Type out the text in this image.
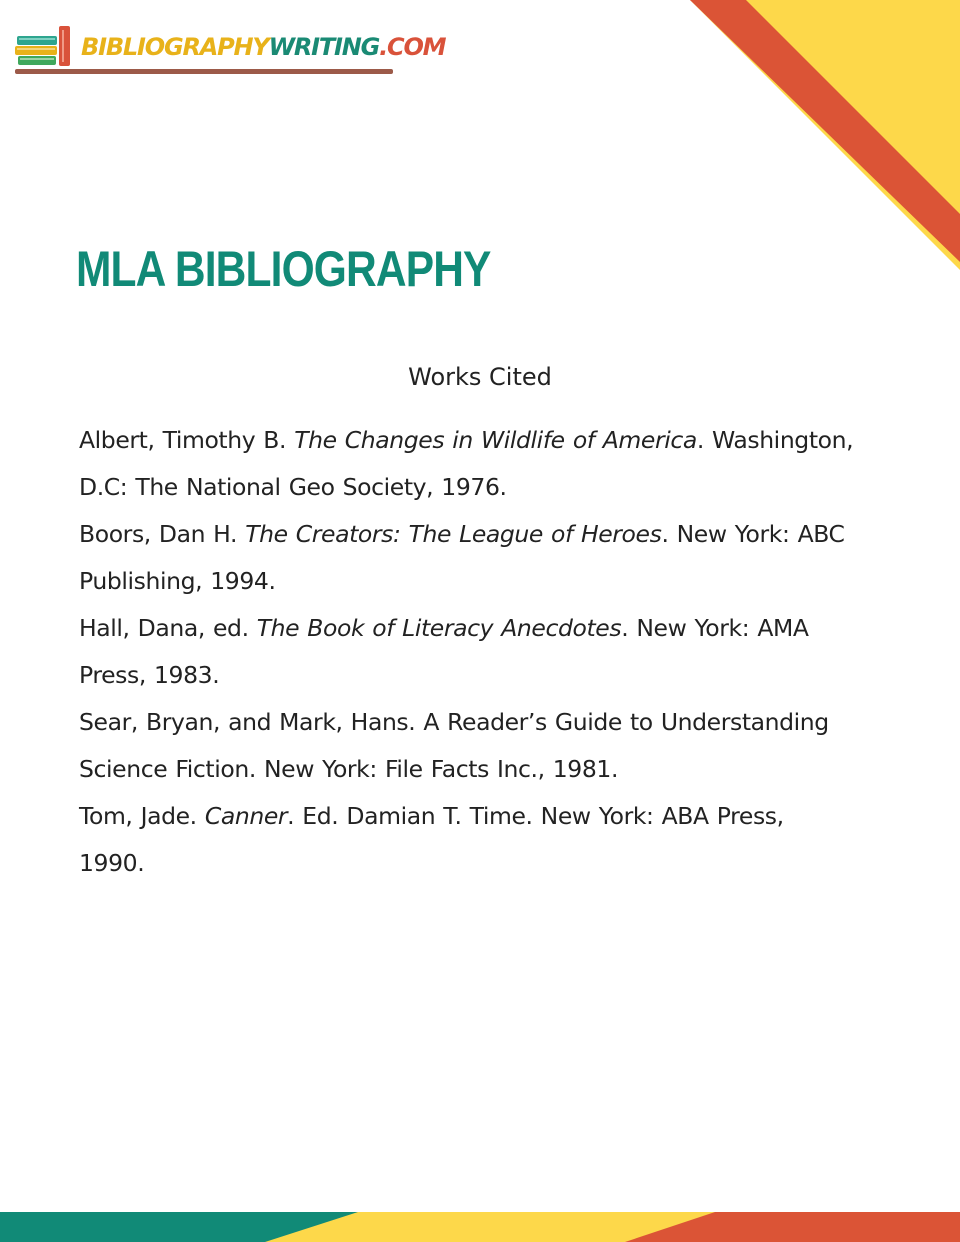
BIBLIOGRAPHYWRITING.COM
MLA BIBLIOGRAPHY
Works Cited
Albert, Timothy B. The Changes in Wildlife of America. Washington,
D.C: The National Geo Society, 1976.
Boors, Dan H. The Creators: The League of Heroes. New York: ABC
Publishing, 1994.
Hall, Dana, ed. The Book of Literacy Anecdotes. New York: AMA
Press, 1983.
Sear, Bryan, and Mark, Hans. A Reader’s Guide to Understanding
Science Fiction. New York: File Facts Inc., 1981.
Tom, Jade. Canner. Ed. Damian T. Time. New York: ABA Press,
1990.
